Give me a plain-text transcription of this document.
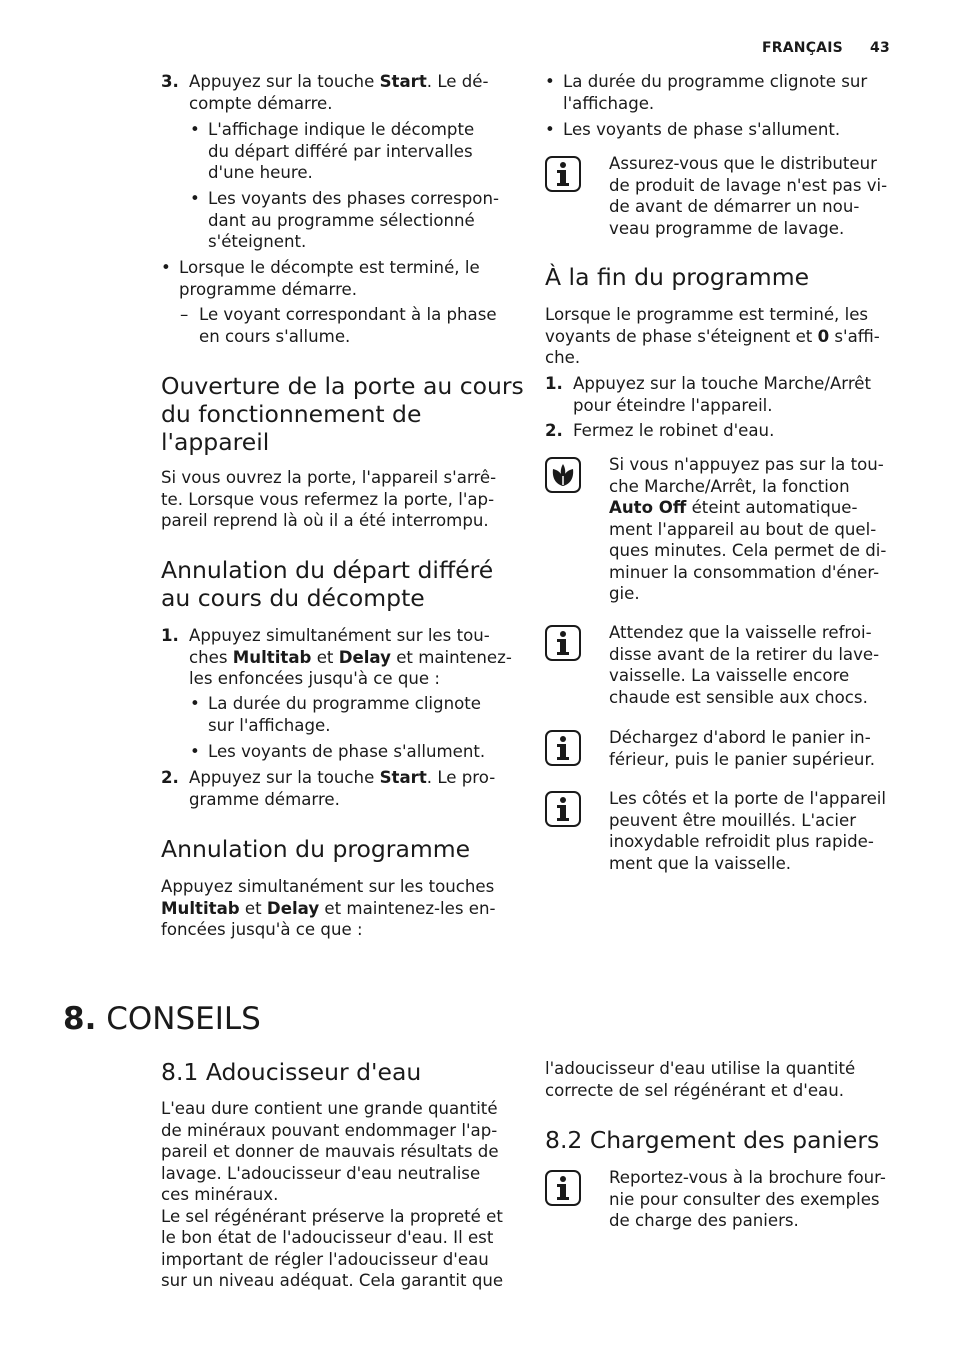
FRANÇAIS 43
3. Appuyez sur la touche Start. Le dé-
compte démarre.
• L'affichage indique le décompte
du départ différé par intervalles
d'une heure.
• Les voyants des phases correspon-
dant au programme sélectionné
s'éteignent.
• Lorsque le décompte est terminé, le
programme démarre.
– Le voyant correspondant à la phase
en cours s'allume.
Ouverture de la porte au cours
du fonctionnement de
l'appareil
Si vous ouvrez la porte, l'appareil s'arrê-
te. Lorsque vous refermez la porte, l'ap-
pareil reprend là où il a été interrompu.
Annulation du départ différé
au cours du décompte
1. Appuyez simultanément sur les tou-
ches Multitab et Delay et maintenez-
les enfoncées jusqu'à ce que :
• La durée du programme clignote
sur l'affichage.
• Les voyants de phase s'allument.
2. Appuyez sur la touche Start. Le pro-
gramme démarre.
Annulation du programme
Appuyez simultanément sur les touches
Multitab et Delay et maintenez-les en-
foncées jusqu'à ce que :
• La durée du programme clignote sur
l'affichage.
• Les voyants de phase s'allument.
Assurez-vous que le distributeur
de produit de lavage n'est pas vi-
de avant de démarrer un nou-
veau programme de lavage.
À la fin du programme
Lorsque le programme est terminé, les
voyants de phase s'éteignent et 0 s'affi-
che.
1. Appuyez sur la touche Marche/Arrêt
pour éteindre l'appareil.
2. Fermez le robinet d'eau.
Si vous n'appuyez pas sur la tou-
che Marche/Arrêt, la fonction
Auto Off éteint automatique-
ment l'appareil au bout de quel-
ques minutes. Cela permet de di-
minuer la consommation d'éner-
gie.
Attendez que la vaisselle refroi-
disse avant de la retirer du lave-
vaisselle. La vaisselle encore
chaude est sensible aux chocs.
Déchargez d'abord le panier in-
férieur, puis le panier supérieur.
Les côtés et la porte de l'appareil
peuvent être mouillés. L'acier
inoxydable refroidit plus rapide-
ment que la vaisselle.
8. CONSEILS
8.1 Adoucisseur d'eau
L'eau dure contient une grande quantité
de minéraux pouvant endommager l'ap-
pareil et donner de mauvais résultats de
lavage. L'adoucisseur d'eau neutralise
ces minéraux.
Le sel régénérant préserve la propreté et
le bon état de l'adoucisseur d'eau. Il est
important de régler l'adoucisseur d'eau
sur un niveau adéquat. Cela garantit que
l'adoucisseur d'eau utilise la quantité
correcte de sel régénérant et d'eau.
8.2 Chargement des paniers
Reportez-vous à la brochure four-
nie pour consulter des exemples
de charge des paniers.
